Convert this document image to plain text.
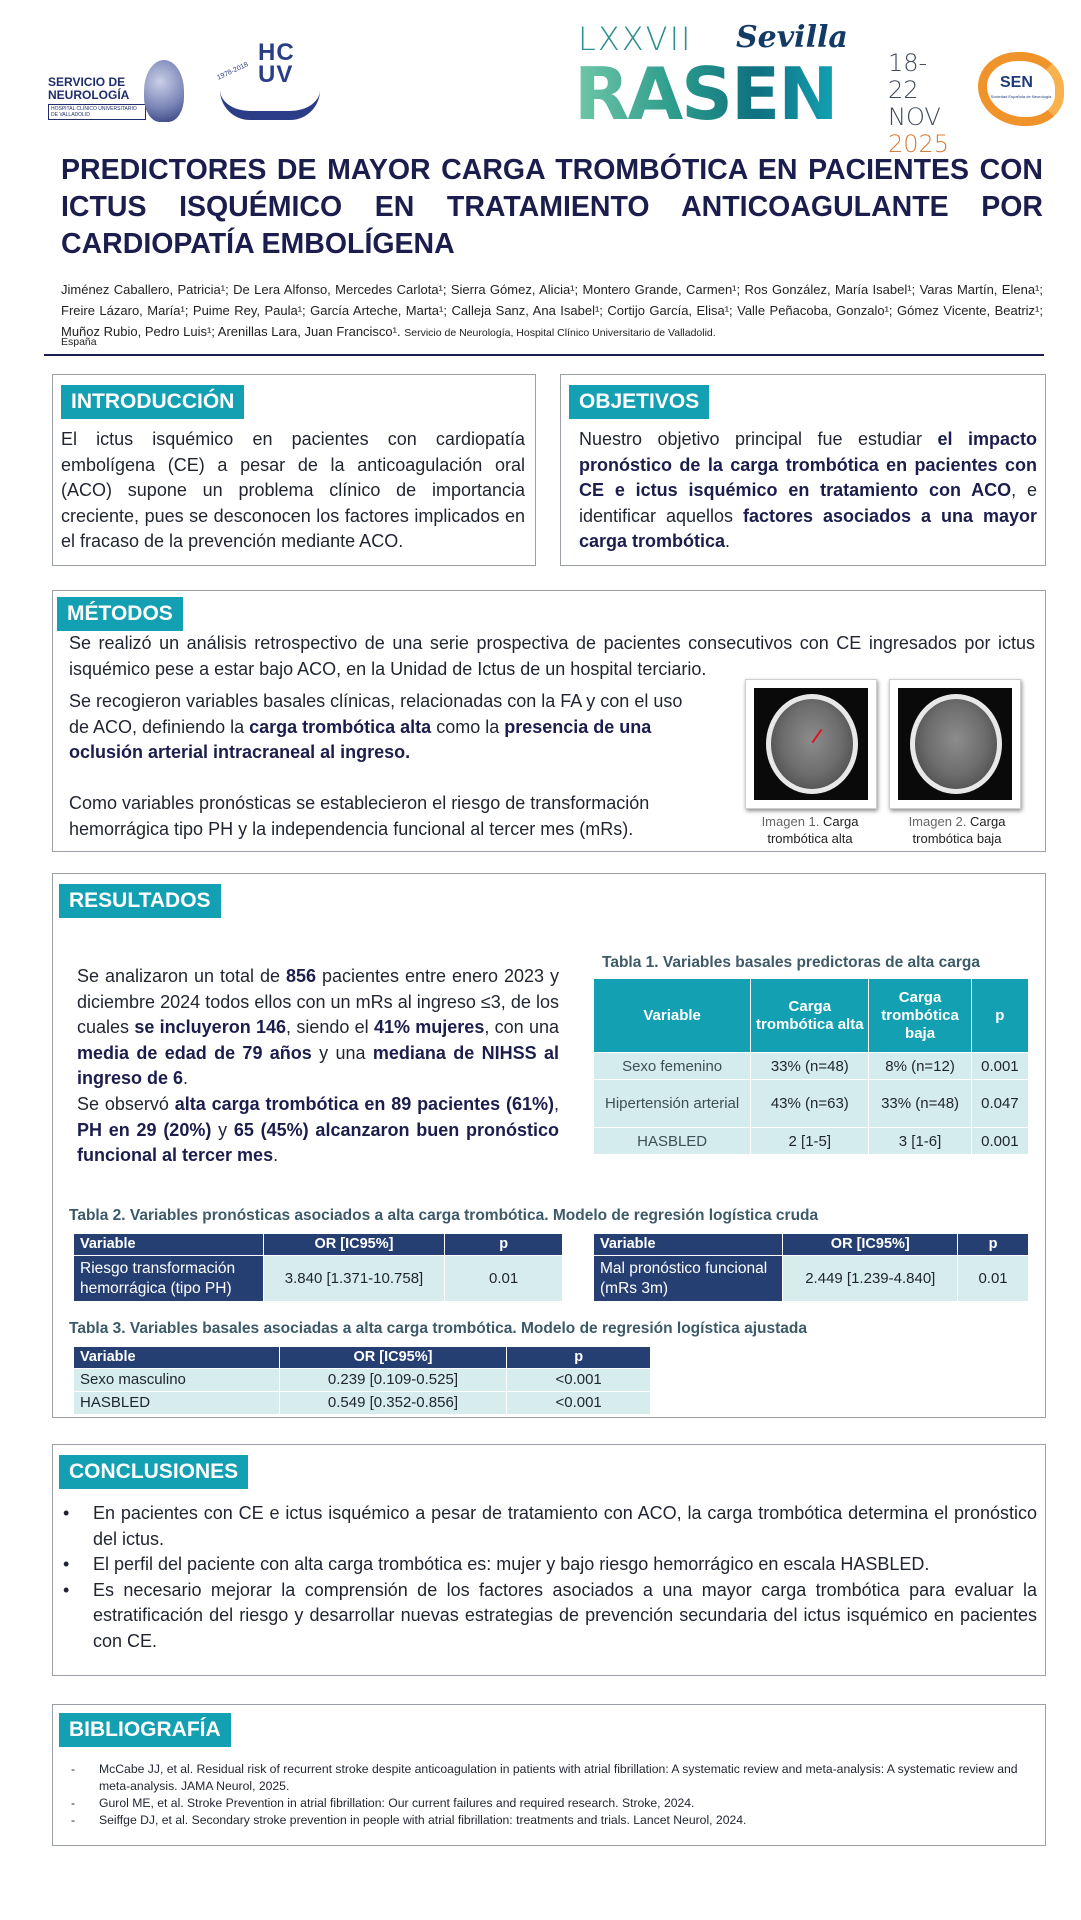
SERVICIO DE
NEUROLOGÍA
HOSPITAL CLÍNICO UNIVERSITARIO DE VALLADOLID
HC UV
1978-2018
LXXVII Sevilla
RASEN 18-22
NOV
2025
SEN
Sociedad Española de Neurología
PREDICTORES DE MAYOR CARGA TROMBÓTICA EN PACIENTES CON ICTUS ISQUÉMICO EN TRATAMIENTO ANTICOAGULANTE POR CARDIOPATÍA EMBOLÍGENA
Jiménez Caballero, Patricia¹; De Lera Alfonso, Mercedes Carlota¹; Sierra Gómez, Alicia¹; Montero Grande, Carmen¹; Ros González, María Isabel¹; Varas Martín, Elena¹; Freire Lázaro, María¹; Puime Rey, Paula¹; García Arteche, Marta¹; Calleja Sanz, Ana Isabel¹; Cortijo García, Elisa¹; Valle Peñacoba, Gonzalo¹; Gómez Vicente, Beatriz¹; Muñoz Rubio, Pedro Luis¹; Arenillas Lara, Juan Francisco¹. Servicio de Neurología, Hospital Clínico Universitario de Valladolid.
España
INTRODUCCIÓN
El ictus isquémico en pacientes con cardiopatía embolígena (CE) a pesar de la anticoagulación oral (ACO) supone un problema clínico de importancia creciente, pues se desconocen los factores implicados en el fracaso de la prevención mediante ACO.
OBJETIVOS
Nuestro objetivo principal fue estudiar el impacto pronóstico de la carga trombótica en pacientes con CE e ictus isquémico en tratamiento con ACO, e identificar aquellos factores asociados a una mayor carga trombótica.
MÉTODOS
Se realizó un análisis retrospectivo de una serie prospectiva de pacientes consecutivos con CE ingresados por ictus isquémico pese a estar bajo ACO, en la Unidad de Ictus de un hospital terciario.
Se recogieron variables basales clínicas, relacionadas con la FA y con el uso de ACO, definiendo la carga trombótica alta como la presencia de una oclusión arterial intracraneal al ingreso.
Como variables pronósticas se establecieron el riesgo de transformación hemorrágica tipo PH y la independencia funcional al tercer mes (mRs).	Imagen 1. Carga
trombótica alta
Imagen 2. Carga
trombótica baja
RESULTADOS
Se analizaron un total de 856 pacientes entre enero 2023 y diciembre 2024 todos ellos con un mRs al ingreso ≤3, de los cuales se incluyeron 146, siendo el 41% mujeres, con una media de edad de 79 años y una mediana de NIHSS al ingreso de 6.
Se observó alta carga trombótica en 89 pacientes (61%), PH en 29 (20%) y 65 (45%) alcanzaron buen pronóstico funcional al tercer mes.
Tabla 1. Variables basales predictoras de alta carga
Variable	Carga trombótica alta	Carga trombótica baja	p
Sexo femenino	33% (n=48)	8% (n=12)	0.001
Hipertensión arterial	43% (n=63)	33% (n=48)	0.047
HASBLED	2 [1-5]	3 [1-6]	0.001
Tabla 2. Variables pronósticas asociados a alta carga trombótica. Modelo de regresión logística cruda
Variable	OR [IC95%]	p
Riesgo transformación hemorrágica (tipo PH)	3.840 [1.371-10.758]	0.01
Variable	OR [IC95%]	p
Mal pronóstico funcional (mRs 3m)	2.449 [1.239-4.840]	0.01
Tabla 3. Variables basales asociadas a alta carga trombótica. Modelo de regresión logística ajustada
Variable	OR [IC95%]	p
Sexo masculino	0.239 [0.109-0.525]	<0.001
HASBLED	0.549 [0.352-0.856]	<0.001
CONCLUSIONES
• En pacientes con CE e ictus isquémico a pesar de tratamiento con ACO, la carga trombótica determina el pronóstico del ictus.
• El perfil del paciente con alta carga trombótica es: mujer y bajo riesgo hemorrágico en escala HASBLED.
• Es necesario mejorar la comprensión de los factores asociados a una mayor carga trombótica para evaluar la estratificación del riesgo y desarrollar nuevas estrategias de prevención secundaria del ictus isquémico en pacientes con CE.
BIBLIOGRAFÍA
- McCabe JJ, et al. Residual risk of recurrent stroke despite anticoagulation in patients with atrial fibrillation: A systematic review and meta-analysis: A systematic review and meta-analysis. JAMA Neurol, 2025.
- Gurol ME, et al. Stroke Prevention in atrial fibrillation: Our current failures and required research. Stroke, 2024.
- Seiffge DJ, et al. Secondary stroke prevention in people with atrial fibrillation: treatments and trials. Lancet Neurol, 2024.
